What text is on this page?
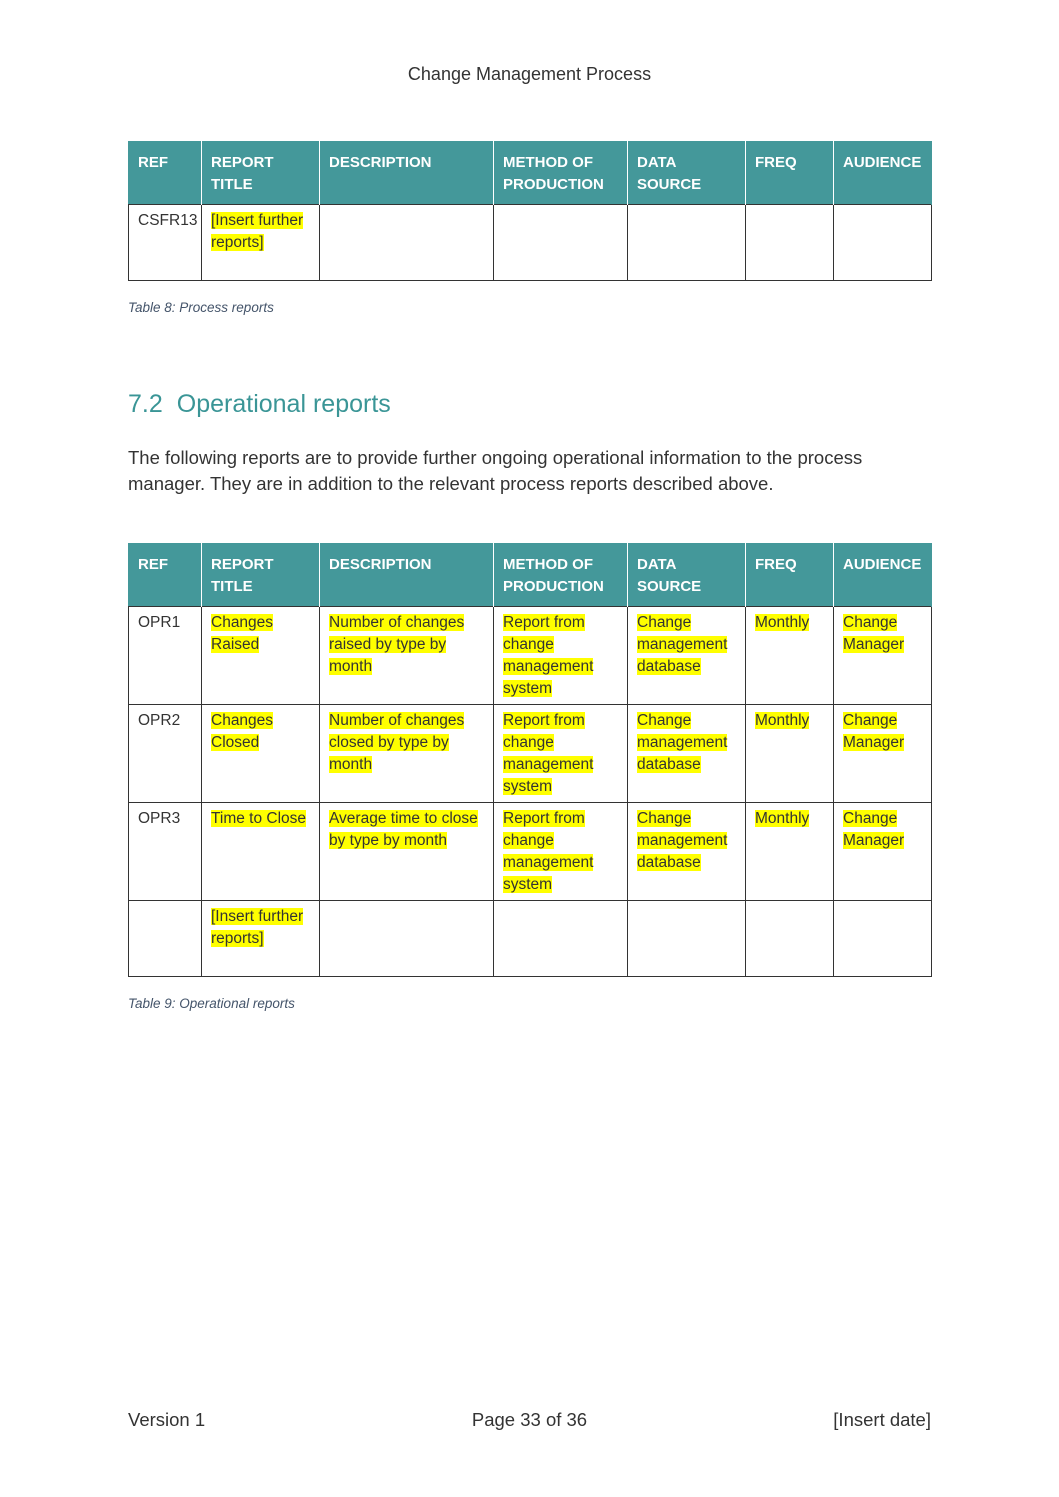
Change Management Process
REF	REPORT TITLE	DESCRIPTION	METHOD OF PRODUCTION	DATA SOURCE	FREQ	AUDIENCE
CSFR13	[Insert further reports]					
Table 8: Process reports
7.2 Operational reports

The following reports are to provide further ongoing operational information to the process manager. They are in addition to the relevant process reports described above.

REF	REPORT TITLE	DESCRIPTION	METHOD OF PRODUCTION	DATA SOURCE	FREQ	AUDIENCE
OPR1	Changes Raised	Number of changes raised by type by month	Report from change management system	Change management database	Monthly	Change Manager
OPR2	Changes Closed	Number of changes closed by type by month	Report from change management system	Change management database	Monthly	Change Manager
OPR3	Time to Close	Average time to close by type by month	Report from change management system	Change management database	Monthly	Change Manager
	[Insert further reports]					
Table 9: Operational reports
Version 1	Page 33 of 36	[Insert date]
